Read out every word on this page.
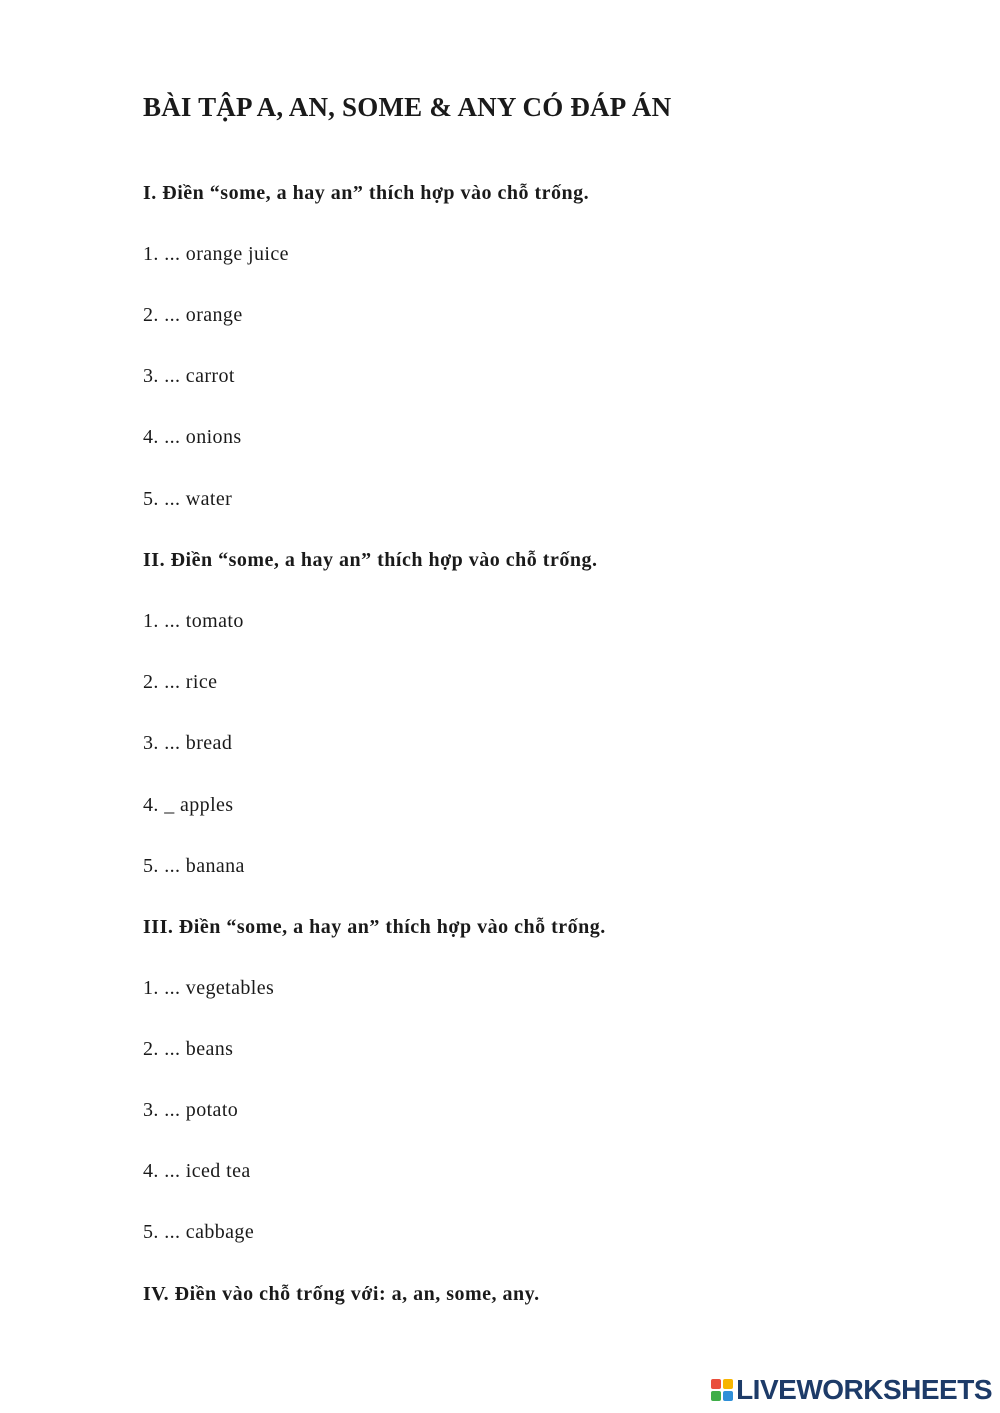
BÀI TẬP A, AN, SOME & ANY CÓ ĐÁP ÁN
I. Điền “some, a hay an” thích hợp vào chỗ trống.
1. ... orange juice
2. ... orange
3. ... carrot
4. ... onions
5. ... water
II. Điền “some, a hay an” thích hợp vào chỗ trống.
1. ... tomato
2. ... rice
3. ... bread
4. _ apples
5. ... banana
III. Điền “some, a hay an” thích hợp vào chỗ trống.
1. ... vegetables
2. ... beans
3. ... potato
4. ... iced tea
5. ... cabbage
IV. Điền vào chỗ trống với: a, an, some, any.
LIVEWORKSHEETS
